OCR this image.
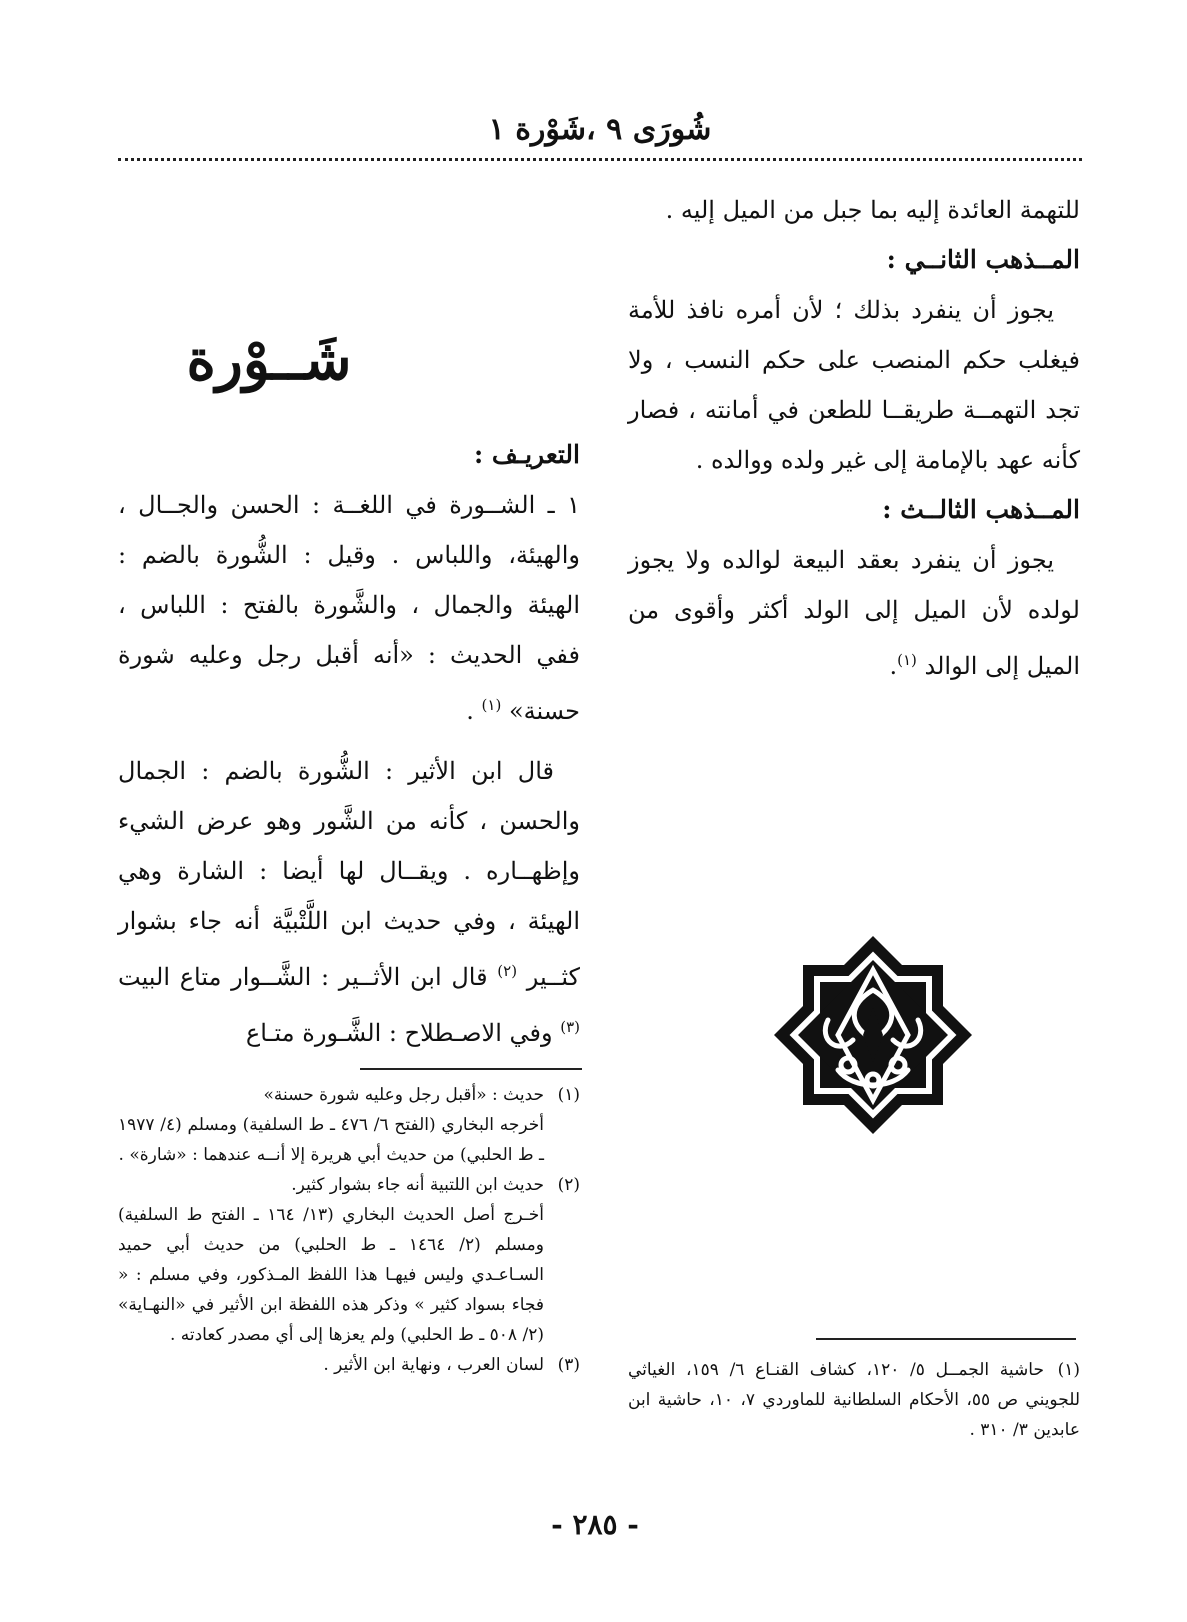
شُورَى ٩ ،شَوْرة ١

للتهمة العائدة إليه بما جبل من الميل إليه .

المــذهب الثانــي :

يجوز أن ينفرد بذلك ؛ لأن أمره نافذ للأمة فيغلب حكم المنصب على حكم النسب ، ولا تجد التهمــة طريقــا للطعن في أمانته ، فصار كأنه عهد بالإمامة إلى غير ولده ووالده .

المــذهب الثالــث :

يجوز أن ينفرد بعقد البيعة لوالده ولا يجوز لولده لأن الميل إلى الولد أكثر وأقوى من الميل إلى الوالد $^{(١)}$.

شَــوْرة

التعريـف :

١ ـ الشــورة في اللغــة : الحسن والجــال ، والهيئة، واللباس . وقيل : الشُّورة بالضم : الهيئة والجمال ، والشَّورة بالفتح : اللباس ، ففي الحديث : «أنه أقبل رجل وعليه شورة حسنة» $^{(١)}$ .

قال ابن الأثير : الشُّورة بالضم : الجمال والحسن ، كأنه من الشَّور وهو عرض الشيء وإظهــاره . ويقــال لها أيضا : الشارة وهي الهيئة ، وفي حديث ابن اللَّتْبيَّة أنه جاء بشوار كثــير $^{(٢)}$ قال ابن الأثــير : الشَّــوار متاع البيت $^{(٣)}$ وفي الاصـطلاح : الشَّـورة متـاع

(١)حديث : «أقبل رجل وعليه شورة حسنة»

أخرجه البخاري (الفتح ٦/ ٤٧٦ ـ ط السلفية) ومسلم (٤/ ١٩٧٧ ـ ط الحلبي) من حديث أبي هريرة إلا أنــه عندهما : «شارة» .

(٢)حديث ابن اللتبية أنه جاء بشوار كثير.

أخـرج أصل الحديث البخاري (١٣/ ١٦٤ ـ الفتح ط السلفية) ومسلم (٢/ ١٤٦٤ ـ ط الحلبي) من حديث أبي حميد السـاعـدي وليس فيهـا هذا اللفظ المـذكور، وفي مسلم : « فجاء بسواد كثير » وذكر هذه اللفظة ابن الأثير في «النهـاية» (٢/ ٥٠٨ ـ ط الحلبي) ولم يعزها إلى أي مصدر كعادته .

(٣)لسان العرب ، ونهاية ابن الأثير .	(١)حاشية الجمــل ٥/ ١٢٠، كشاف القنـاع ٦/ ١٥٩، الغياثي للجويني ص ٥٥، الأحكام السلطانية للماوردي ٧، ١٠، حاشية ابن عابدين ٣/ ٣١٠ .

- ٢٨٥ -
